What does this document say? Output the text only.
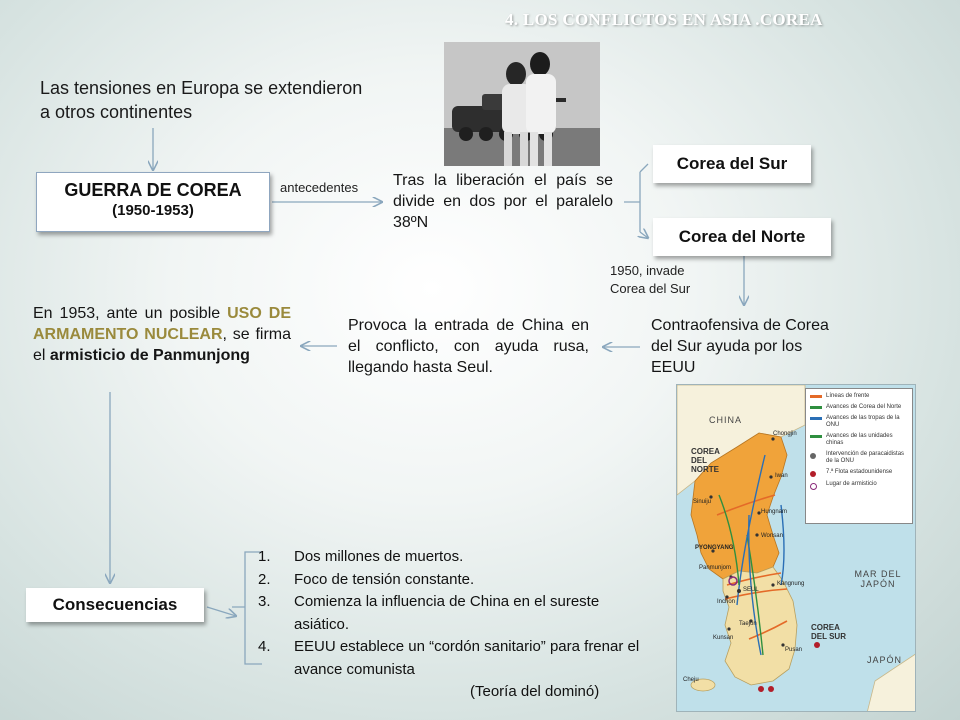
4. LOS CONFLICTOS EN ASIA .COREA
Las tensiones en Europa se extendieron a otros continentes
GUERRA DE COREA
(1950-1953)
antecedentes Tras la liberación el país se divide en dos por el paralelo 38ºN
Corea del Sur
Corea del Norte
1950, invade Corea del Sur
Contraofensiva de Corea del Sur ayuda por los EEUU
Provoca la entrada de China en el conflicto, con ayuda rusa, llegando hasta Seul.
En 1953, ante un posible USO DE ARMAMENTO NUCLEAR, se firma el armisticio de Panmunjong
Consecuencias
1.	Dos millones de muertos.
2.	Foco de tensión constante.
3.	Comienza la influencia de China en el sureste asiático.
4.	EEUU establece un “cordón sanitario” para frenar el avance comunista
(Teoría del dominó)
CHINA
COREA DEL NORTE
COREA DEL SUR
MAR DEL JAPÓN
JAPÓN
Chongjin
Iwan
Sinuiju
Hungnam
Wonsan
PYONGYANG
Panmunjom
SEUL
Inchon
Kangnung
Taejon
Kunsan
Pusan
Cheju
Líneas de frente
Avances de Corea del Norte
Avances de las tropas de la ONU
Avances de las unidades chinas
Intervención de paracaidistas de la ONU
7.ª Flota estadounidense
Lugar de armisticio
